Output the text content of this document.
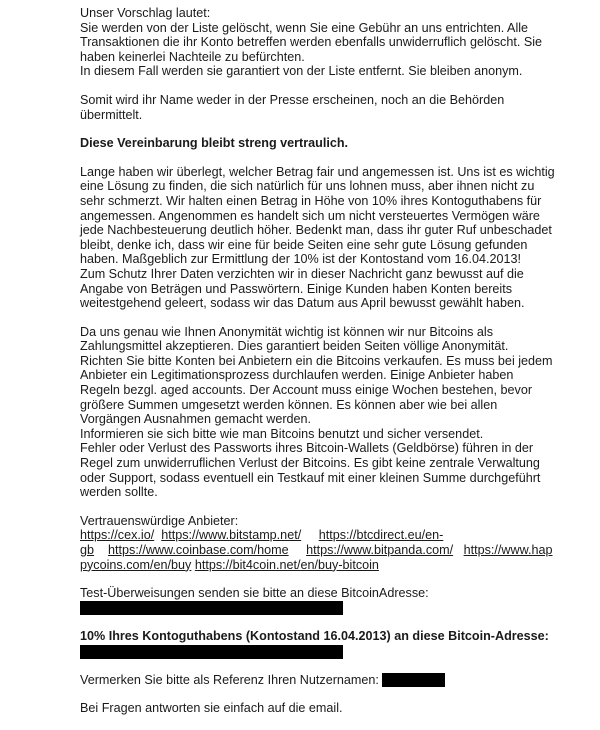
Unser Vorschlag lautet:

Sie werden von der Liste gelöscht, wenn Sie eine Gebühr an uns entrichten. Alle

Transaktionen die ihr Konto betreffen werden ebenfalls unwiderruflich gelöscht. Sie

haben keinerlei Nachteile zu befürchten.

In diesem Fall werden sie garantiert von der Liste entfernt. Sie bleiben anonym.

Somit wird ihr Name weder in der Presse erscheinen, noch an die Behörden

übermittelt.

Diese Vereinbarung bleibt streng vertraulich.

Lange haben wir überlegt, welcher Betrag fair und angemessen ist. Uns ist es wichtig

eine Lösung zu finden, die sich natürlich für uns lohnen muss, aber ihnen nicht zu

sehr schmerzt. Wir halten einen Betrag in Höhe von 10% ihres Kontoguthabens für

angemessen. Angenommen es handelt sich um nicht versteuertes Vermögen wäre

jede Nachbesteuerung deutlich höher. Bedenkt man, dass ihr guter Ruf unbeschadet

bleibt, denke ich, dass wir eine für beide Seiten eine sehr gute Lösung gefunden

haben. Maßgeblich zur Ermittlung der 10% ist der Kontostand vom 16.04.2013!

Zum Schutz Ihrer Daten verzichten wir in dieser Nachricht ganz bewusst auf die

Angabe von Beträgen und Passwörtern. Einige Kunden haben Konten bereits

weitestgehend geleert, sodass wir das Datum aus April bewusst gewählt haben.

Da uns genau wie Ihnen Anonymität wichtig ist können wir nur Bitcoins als

Zahlungsmittel akzeptieren. Dies garantiert beiden Seiten völlige Anonymität.

Richten Sie bitte Konten bei Anbietern ein die Bitcoins verkaufen. Es muss bei jedem

Anbieter ein Legitimationsprozess durchlaufen werden. Einige Anbieter haben

Regeln bezgl. aged accounts. Der Account muss einige Wochen bestehen, bevor

größere Summen umgesetzt werden können. Es können aber wie bei allen

Vorgängen Ausnahmen gemacht werden.

Informieren sie sich bitte wie man Bitcoins benutzt und sicher versendet.

Fehler oder Verlust des Passworts ihres Bitcoin-Wallets (Geldbörse) führen in der

Regel zum unwiderruflichen Verlust der Bitcoins. Es gibt keine zentrale Verwaltung

oder Support, sodass eventuell ein Testkauf mit einer kleinen Summe durchgeführt

werden sollte.

Vertrauenswürdige Anbieter:

https://cex.io/ https://www.bitstamp.net/ https://btcdirect.eu/en-

gb https://www.coinbase.com/home https://www.bitpanda.com/ https://www.hap

pycoins.com/en/buy https://bit4coin.net/en/buy-bitcoin

Test-Überweisungen senden sie bitte an diese BitcoinAdresse:

10% Ihres Kontoguthabens (Kontostand 16.04.2013) an diese Bitcoin-Adresse:

Vermerken Sie bitte als Referenz Ihren Nutzernamen:

Bei Fragen antworten sie einfach auf die email.
